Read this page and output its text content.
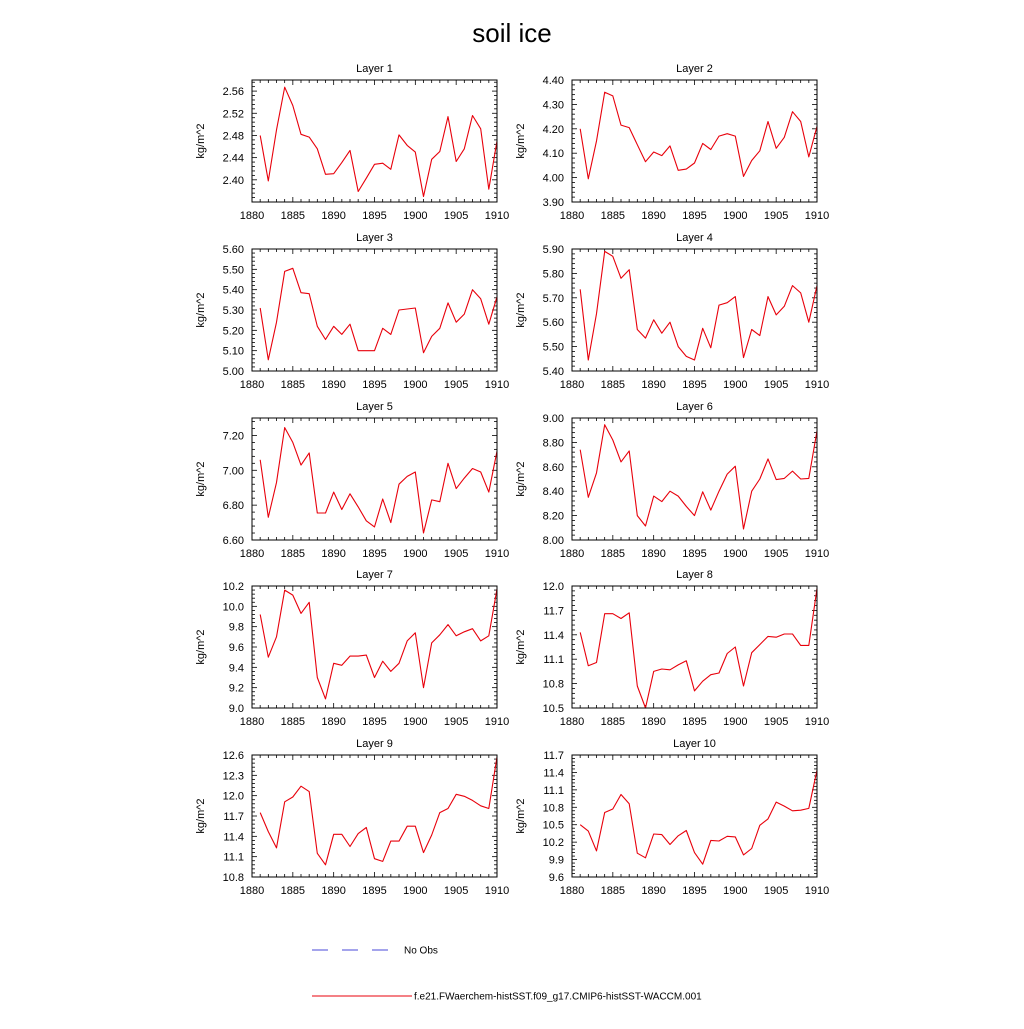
soil ice
Layer 1
kg/m^2
1880 1885 1890 1895 1900 1905 1910
2.40
2.44
2.48
2.52
2.56
Layer 2
kg/m^2
1880 1885 1890 1895 1900 1905 1910
3.90
4.00
4.10
4.20
4.30
4.40
Layer 3
kg/m^2
1880 1885 1890 1895 1900 1905 1910
5.00
5.10
5.20
5.30
5.40
5.50
5.60
Layer 4
kg/m^2
1880 1885 1890 1895 1900 1905 1910
5.40
5.50
5.60
5.70
5.80
5.90
Layer 5
kg/m^2
1880 1885 1890 1895 1900 1905 1910
6.60
6.80
7.00
7.20
Layer 6
kg/m^2
1880 1885 1890 1895 1900 1905 1910
8.00
8.20
8.40
8.60
8.80
9.00
Layer 7
kg/m^2
1880 1885 1890 1895 1900 1905 1910
9.0
9.2
9.4
9.6
9.8
10.0
10.2
Layer 8
kg/m^2
1880 1885 1890 1895 1900 1905 1910
10.5
10.8
11.1
11.4
11.7
12.0
Layer 9
kg/m^2
1880 1885 1890 1895 1900 1905 1910
10.8
11.1
11.4
11.7
12.0
12.3
12.6
Layer 10
kg/m^2
1880 1885 1890 1895 1900 1905 1910
9.6
9.9
10.2
10.5
10.8
11.1
11.4
11.7
No Obs
f.e21.FWaerchem-histSST.f09_g17.CMIP6-histSST-WACCM.001
